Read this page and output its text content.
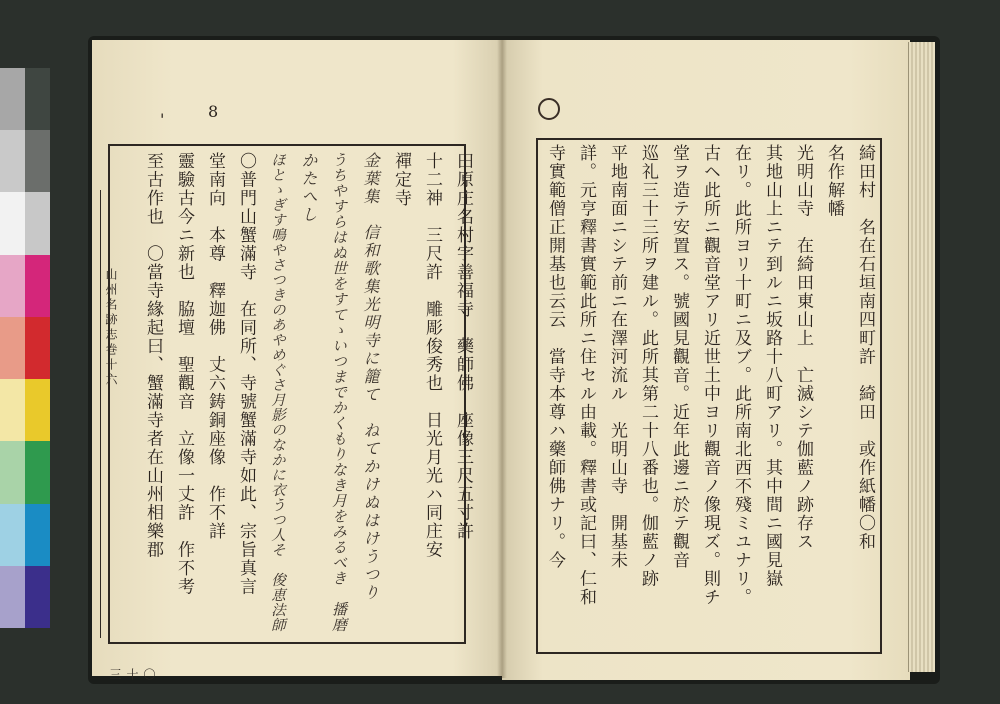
'	8
山州名跡志巻十六
〇十三
田原庄名村字善福寺　藥師佛　座像三尺五寸許
十二神　三尺許　雕彫俊秀也　日光月光ハ同庄安
禪定寺
金葉集　信和歌集光明寺に籠て　ねてかけぬはけうつり
うちやすらはぬ世をすてゝいつまでかくもりなき月をみるべき　播磨
かたへし
ほとゝぎす鳴やさつきのあやめぐさ月影のなかに衣うつ人そ　俊恵法師
〇普門山蟹滿寺　在同所、寺號蟹滿寺如此、宗旨真言
堂南向　本尊　釋迦佛　丈六鋳銅座像　作不詳
靈驗古今ニ新也　脇壇　聖觀音　立像一丈許　作不考
至古作也　〇當寺緣起曰、蟹滿寺者在山州相樂郡	綺田村　名在石垣南四町許　綺田　或作紙幡〇和
名作解幡
光明山寺　在綺田東山上　亡滅シテ伽藍ノ跡存ス
其地山上ニテ到ルニ坂路十八町アリ。其中間ニ國見嶽
在リ。此所ヨリ十町ニ及ブ。此所南北西不殘ミユナリ。
古ヘ此所ニ觀音堂アリ近世土中ヨリ觀音ノ像現ズ。則チ
堂ヲ造テ安置ス。號國見觀音。近年此邊ニ於テ觀音
巡礼三十三所ヲ建ル。此所其第二十八番也。伽藍ノ跡
平地南面ニシテ前ニ在澤河流ル　光明山寺　開基未
詳。元亨釋書實範此所ニ住セル由載。釋書或記曰、仁和
寺實範僧正開基也云云　當寺本尊ハ藥師佛ナリ。今
